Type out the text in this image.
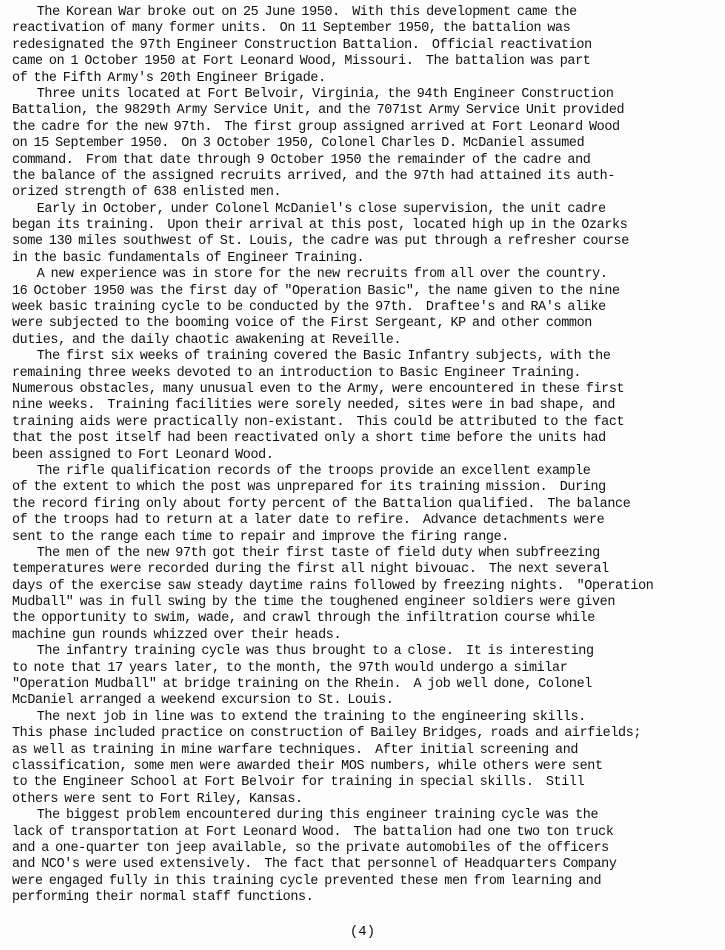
The Korean War broke out on 25 June 1950.  With this development came the
reactivation of many former units.  On 11 September 1950, the battalion was
redesignated the 97th Engineer Construction Battalion.  Official reactivation
came on 1 October 1950 at Fort Leonard Wood, Missouri.  The battalion was part
of the Fifth Army's 20th Engineer Brigade.
Three units located at Fort Belvoir, Virginia, the 94th Engineer Construction
Battalion, the 9829th Army Service Unit, and the 7071st Army Service Unit provided
the cadre for the new 97th.  The first group assigned arrived at Fort Leonard Wood
on 15 September 1950.  On 3 October 1950, Colonel Charles D. McDaniel assumed
command.  From that date through 9 October 1950 the remainder of the cadre and
the balance of the assigned recruits arrived, and the 97th had attained its auth-
orized strength of 638 enlisted men.
Early in October, under Colonel McDaniel's close supervision, the unit cadre
began its training.  Upon their arrival at this post, located high up in the Ozarks
some 130 miles southwest of St. Louis, the cadre was put through a refresher course
in the basic fundamentals of Engineer Training.
A new experience was in store for the new recruits from all over the country.
16 October 1950 was the first day of "Operation Basic", the name given to the nine
week basic training cycle to be conducted by the 97th.  Draftee's and RA's alike
were subjected to the booming voice of the First Sergeant, KP and other common
duties, and the daily chaotic awakening at Reveille.
The first six weeks of training covered the Basic Infantry subjects, with the
remaining three weeks devoted to an introduction to Basic Engineer Training.
Numerous obstacles, many unusual even to the Army, were encountered in these first
nine weeks.  Training facilities were sorely needed, sites were in bad shape, and
training aids were practically non-existant.  This could be attributed to the fact
that the post itself had been reactivated only a short time before the units had
been assigned to Fort Leonard Wood.
The rifle qualification records of the troops provide an excellent example
of the extent to which the post was unprepared for its training mission.  During
the record firing only about forty percent of the Battalion qualified.  The balance
of the troops had to return at a later date to refire.  Advance detachments were
sent to the range each time to repair and improve the firing range.
The men of the new 97th got their first taste of field duty when subfreezing
temperatures were recorded during the first all night bivouac.  The next several
days of the exercise saw steady daytime rains followed by freezing nights.  "Operation
Mudball" was in full swing by the time the toughened engineer soldiers were given
the opportunity to swim, wade, and crawl through the infiltration course while
machine gun rounds whizzed over their heads.
The infantry training cycle was thus brought to a close.  It is interesting
to note that 17 years later, to the month, the 97th would undergo a similar
"Operation Mudball" at bridge training on the Rhein.  A job well done, Colonel
McDaniel arranged a weekend excursion to St. Louis.
The next job in line was to extend the training to the engineering skills.
This phase included practice on construction of Bailey Bridges, roads and airfields;
as well as training in mine warfare techniques.  After initial screening and
classification, some men were awarded their MOS numbers, while others were sent
to the Engineer School at Fort Belvoir for training in special skills.  Still
others were sent to Fort Riley, Kansas.
The biggest problem encountered during this engineer training cycle was the
lack of transportation at Fort Leonard Wood.  The battalion had one two ton truck
and a one-quarter ton jeep available, so the private automobiles of the officers
and NCO's were used extensively.  The fact that personnel of Headquarters Company
were engaged fully in this training cycle prevented these men from learning and
performing their normal staff functions.
(4)
